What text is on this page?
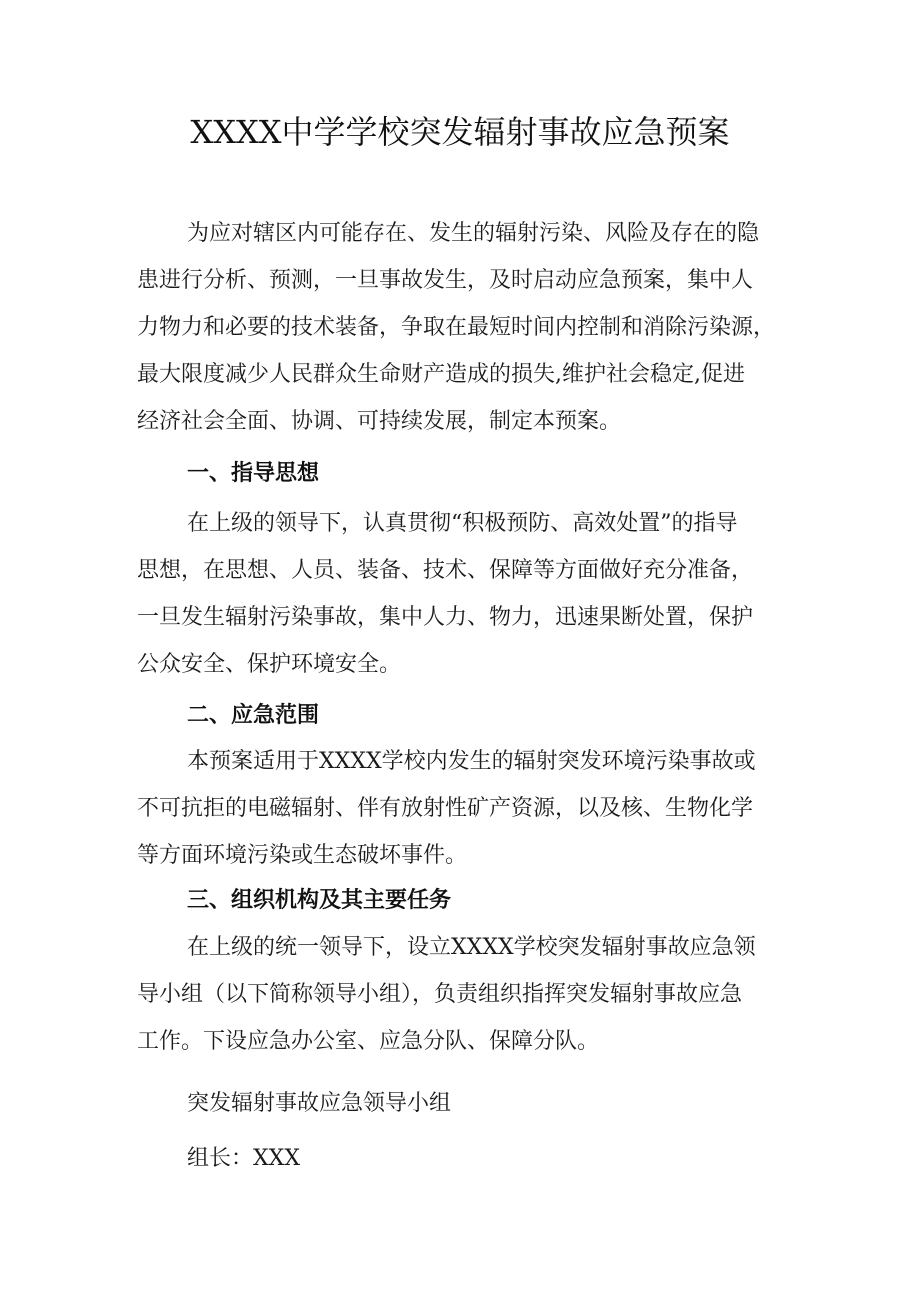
XXXX中学学校突发辐射事故应急预案
为应对辖区内可能存在、发生的辐射污染、风险及存在的隐
患进行分析、预测，一旦事故发生，及时启动应急预案，集中人
力物力和必要的技术装备，争取在最短时间内控制和消除污染源，
最大限度减少人民群众生命财产造成的损失,维护社会稳定,促进
经济社会全面、协调、可持续发展，制定本预案。
一、指导思想
在上级的领导下，认真贯彻“积极预防、高效处置”的指导
思想，在思想、人员、装备、技术、保障等方面做好充分准备，
一旦发生辐射污染事故，集中人力、物力，迅速果断处置，保护
公众安全、保护环境安全。
二、应急范围
本预案适用于XXXX学校内发生的辐射突发环境污染事故或
不可抗拒的电磁辐射、伴有放射性矿产资源，以及核、生物化学
等方面环境污染或生态破坏事件。
三、组织机构及其主要任务
在上级的统一领导下，设立XXXX学校突发辐射事故应急领
导小组（以下简称领导小组），负责组织指挥突发辐射事故应急
工作。下设应急办公室、应急分队、保障分队。
突发辐射事故应急领导小组
组长：XXX
